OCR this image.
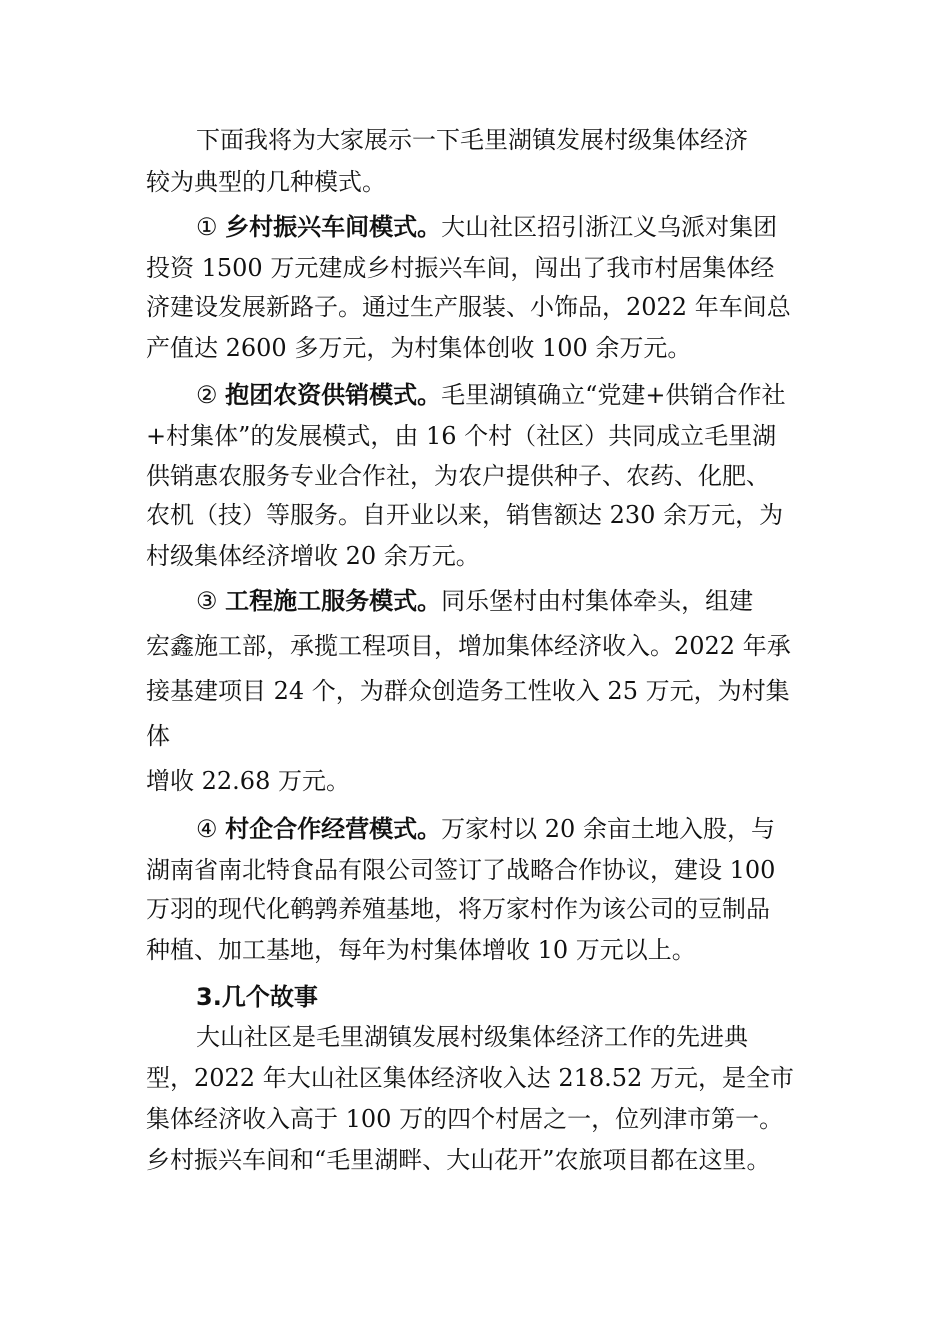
下面我将为大家展示一下毛里湖镇发展村级集体经济
较为典型的几种模式。
① 乡村振兴车间模式。大山社区招引浙江义乌派对集团
投资 1500 万元建成乡村振兴车间，闯出了我市村居集体经
济建设发展新路子。通过生产服装、小饰品，2022 年车间总
产值达 2600 多万元，为村集体创收 100 余万元。
② 抱团农资供销模式。毛里湖镇确立“党建+供销合作社
+村集体”的发展模式，由 16 个村（社区）共同成立毛里湖
供销惠农服务专业合作社，为农户提供种子、农药、化肥、
农机（技）等服务。自开业以来，销售额达 230 余万元，为
村级集体经济增收 20 余万元。
③ 工程施工服务模式。同乐堡村由村集体牵头，组建
宏鑫施工部，承揽工程项目，增加集体经济收入。2022 年承
接基建项目 24 个，为群众创造务工性收入 25 万元，为村集
体
增收 22.68 万元。
④ 村企合作经营模式。万家村以 20 余亩土地入股，与
湖南省南北特食品有限公司签订了战略合作协议，建设 100
万羽的现代化鹌鹑养殖基地，将万家村作为该公司的豆制品
种植、加工基地，每年为村集体增收 10 万元以上。
3.几个故事
大山社区是毛里湖镇发展村级集体经济工作的先进典
型，2022 年大山社区集体经济收入达 218.52 万元，是全市
集体经济收入高于 100 万的四个村居之一，位列津市第一。
乡村振兴车间和“毛里湖畔、大山花开”农旅项目都在这里。
